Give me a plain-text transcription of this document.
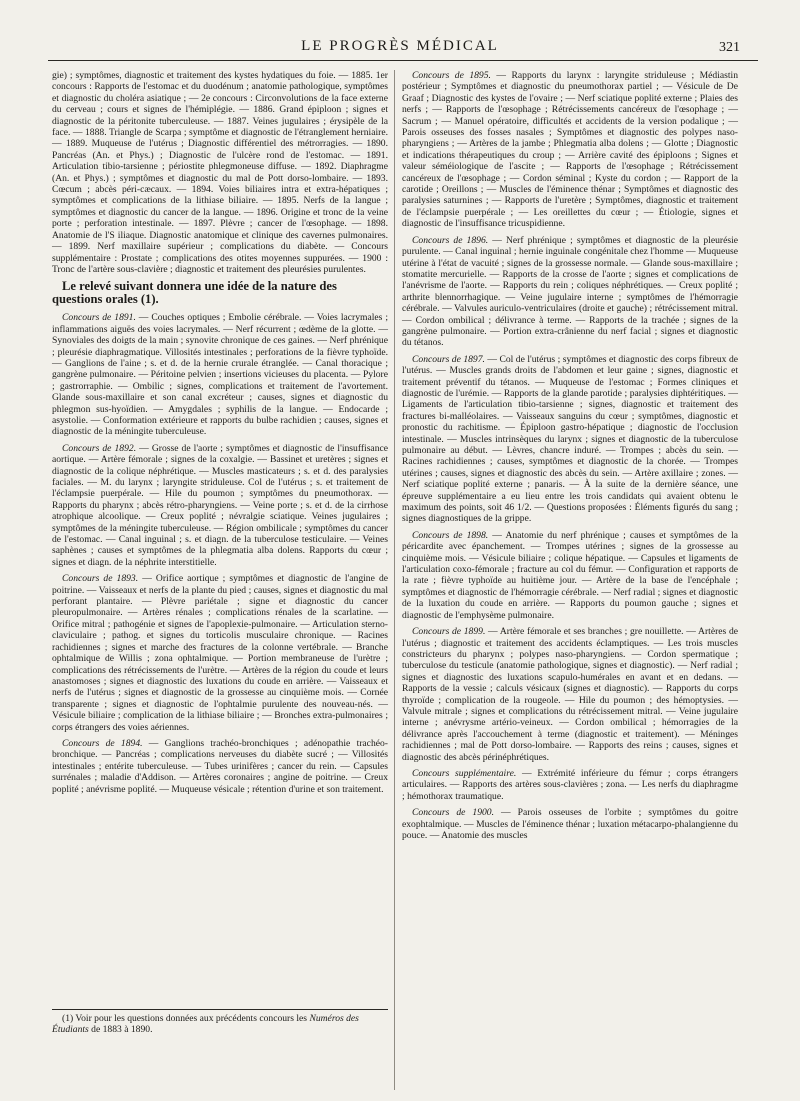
LE PROGRÈS MÉDICAL	321

gie) ; symptômes, diagnostic et traitement des kystes hydatiques du foie. — 1885. 1er concours : Rapports de l'estomac et du duodénum ; anatomie pathologique, symptômes et diagnostic du choléra asiatique ; — 2e concours : Circonvolutions de la face externe du cerveau ; cours et signes de l'hémiplégie. — 1886. Grand épiploon ; signes et diagnostic de la péritonite tuberculeuse. — 1887. Veines jugulaires ; érysipèle de la face. — 1888. Triangle de Scarpa ; symptôme et diagnostic de l'étranglement herniaire. — 1889. Muqueuse de l'utérus ; Diagnostic différentiel des métrorragies. — 1890. Pancréas (An. et Phys.) ; Diagnostic de l'ulcère rond de l'estomac. — 1891. Articulation tibio-tarsienne ; périostite phlegmoneuse diffuse. — 1892. Diaphragme (An. et Phys.) ; symptômes et diagnostic du mal de Pott dorso-lombaire. — 1893. Cœcum ; abcès péri-cæcaux. — 1894. Voies biliaires intra et extra-hépatiques ; symptômes et complications de la lithiase biliaire. — 1895. Nerfs de la langue ; symptômes et diagnostic du cancer de la langue. — 1896. Origine et tronc de la veine porte ; perforation intestinale. — 1897. Plèvre ; cancer de l'œsophage. — 1898. Anatomie de l'S iliaque. Diagnostic anatomique et clinique des cavernes pulmonaires. — 1899. Nerf maxillaire supérieur ; complications du diabète. — Concours supplémentaire : Prostate ; complications des otites moyennes suppurées. — 1900 : Tronc de l'artère sous-clavière ; diagnostic et traitement des pleurésies purulentes.

Le relevé suivant donnera une idée de la nature des questions orales (1).

Concours de 1891. — Couches optiques ; Embolie cérébrale. — Voies lacrymales ; inflammations aiguës des voies lacrymales. — Nerf récurrent ; œdème de la glotte. — Synoviales des doigts de la main ; synovite chronique de ces gaines. — Nerf phrénique ; pleurésie diaphragmatique. Villosités intestinales ; perforations de la fièvre typhoïde. — Ganglions de l'aine ; s. et d. de la hernie crurale étranglée. — Canal thoracique ; gangrène pulmonaire. — Péritoine pelvien ; insertions vicieuses du placenta. — Pylore ; gastrorraphie. — Ombilic ; signes, complications et traitement de l'avortement. Glande sous-maxillaire et son canal excréteur ; causes, signes et diagnostic du phlegmon sus-hyoïdien. — Amygdales ; syphilis de la langue. — Endocarde ; asystolie. — Conformation extérieure et rapports du bulbe rachidien ; causes, signes et diagnostic de la méningite tuberculeuse.

Concours de 1892. — Grosse de l'aorte ; symptômes et diagnostic de l'insuffisance aortique. — Artère fémorale ; signes de la coxalgie. — Bassinet et uretères ; signes et diagnostic de la colique néphrétique. — Muscles masticateurs ; s. et d. des paralysies faciales. — M. du larynx ; laryngite striduleuse. Col de l'utérus ; s. et traitement de l'éclampsie puerpérale. — Hile du poumon ; symptômes du pneumothorax. — Rapports du pharynx ; abcès rétro-pharyngiens. — Veine porte ; s. et d. de la cirrhose atrophique alcoolique. — Creux poplité ; névralgie sciatique. Veines jugulaires ; symptômes de la méningite tuberculeuse. — Région ombilicale ; symptômes du cancer de l'estomac. — Canal inguinal ; s. et diagn. de la tuberculose testiculaire. — Veines saphènes ; causes et symptômes de la phlegmatia alba dolens. Rapports du cœur ; signes et diagn. de la néphrite interstitielle.

Concours de 1893. — Orifice aortique ; symptômes et diagnostic de l'angine de poitrine. — Vaisseaux et nerfs de la plante du pied ; causes, signes et diagnostic du mal perforant plantaire. — Plèvre pariétale ; signe et diagnostic du cancer pleuropulmonaire. — Artères rénales ; complications rénales de la scarlatine. — Orifice mitral ; pathogénie et signes de l'apoplexie-pulmonaire. — Articulation sterno-claviculaire ; pathog. et signes du torticolis musculaire chronique. — Racines rachidiennes ; signes et marche des fractures de la colonne vertébrale. — Branche ophtalmique de Willis ; zona ophtalmique. — Portion membraneuse de l'urètre ; complications des rétrécissements de l'urètre. — Artères de la région du coude et leurs anastomoses ; signes et diagnostic des luxations du coude en arrière. — Vaisseaux et nerfs de l'utérus ; signes et diagnostic de la grossesse au cinquième mois. — Cornée transparente ; signes et diagnostic de l'ophtalmie purulente des nouveau-nés. — Vésicule biliaire ; complication de la lithiase biliaire ; — Bronches extra-pulmonaires ; corps étrangers des voies aériennes.

Concours de 1894. — Ganglions trachéo-bronchiques ; adénopathie trachéo-bronchique. — Pancréas ; complications nerveuses du diabète sucré ; — Villosités intestinales ; entérite tuberculeuse. — Tubes urinifères ; cancer du rein. — Capsules surrénales ; maladie d'Addison. — Artères coronaires ; angine de poitrine. — Creux poplité ; anévrisme poplité. — Muqueuse vésicale ; rétention d'urine et son traitement.

(1) Voir pour les questions données aux précédents concours les Numéros des Étudiants de 1883 à 1890.

Concours de 1895. — Rapports du larynx : laryngite striduleuse ; Médiastin postérieur ; Symptômes et diagnostic du pneumothorax partiel ; — Vésicule de De Graaf ; Diagnostic des kystes de l'ovaire ; — Nerf sciatique poplité externe ; Plaies des nerfs ; — Rapports de l'œsophage ; Rétrécissements cancéreux de l'œsophage ; — Sacrum ; — Manuel opératoire, difficultés et accidents de la version podalique ; — Parois osseuses des fosses nasales ; Symptômes et diagnostic des polypes naso-pharyngiens ; — Artères de la jambe ; Phlegmatia alba dolens ; — Glotte ; Diagnostic et indications thérapeutiques du croup ; — Arrière cavité des épiploons ; Signes et valeur séméiologique de l'ascite ; — Rapports de l'œsophage ; Rétrécissement cancéreux de l'œsophage ; — Cordon séminal ; Kyste du cordon ; — Rapport de la carotide ; Oreillons ; — Muscles de l'éminence thénar ; Symptômes et diagnostic des paralysies saturnines ; — Rapports de l'uretère ; Symptômes, diagnostic et traitement de l'éclampsie puerpérale ; — Les oreillettes du cœur ; — Étiologie, signes et diagnostic de l'insuffisance tricuspidienne.

Concours de 1896. — Nerf phrénique ; symptômes et diagnostic de la pleurésie purulente. — Canal inguinal ; hernie inguinale congénitale chez l'homme — Muqueuse utérine à l'état de vacuité ; signes de la grossesse normale. — Glande sous-maxillaire ; stomatite mercurielle. — Rapports de la crosse de l'aorte ; signes et complications de l'anévrisme de l'aorte. — Rapports du rein ; coliques néphrétiques. — Creux poplité ; arthrite blennorrhagique. — Veine jugulaire interne ; symptômes de l'hémorragie cérébrale. — Valvules auriculo-ventriculaires (droite et gauche) ; rétrécissement mitral. — Cordon ombilical ; délivrance à terme. — Rapports de la trachée ; signes de la gangrène pulmonaire. — Portion extra-crânienne du nerf facial ; signes et diagnostic du tétanos.

Concours de 1897. — Col de l'utérus ; symptômes et diagnostic des corps fibreux de l'utérus. — Muscles grands droits de l'abdomen et leur gaine ; signes, diagnostic et traitement préventif du tétanos. — Muqueuse de l'estomac ; Formes cliniques et diagnostic de l'urémie. — Rapports de la glande parotide ; paralysies diphtéritiques. — Ligaments de l'articulation tibio-tarsienne ; signes, diagnostic et traitement des fractures bi-malléolaires. — Vaisseaux sanguins du cœur ; symptômes, diagnostic et pronostic du rachitisme. — Épiploon gastro-hépatique ; diagnostic de l'occlusion intestinale. — Muscles intrinsèques du larynx ; signes et diagnostic de la tuberculose pulmonaire au début. — Lèvres, chancre induré. — Trompes ; abcès du sein. — Racines rachidiennes ; causes, symptômes et diagnostic de la chorée. — Trompes utérines ; causes, signes et diagnostic des abcès du sein. — Artère axillaire ; zones. — Nerf sciatique poplité externe ; panaris. — À la suite de la dernière séance, une épreuve supplémentaire a eu lieu entre les trois candidats qui avaient obtenu le maximum des points, soit 46 1/2. — Questions proposées : Éléments figurés du sang ; signes diagnostiques de la grippe.

Concours de 1898. — Anatomie du nerf phrénique ; causes et symptômes de la péricardite avec épanchement. — Trompes utérines ; signes de la grossesse au cinquième mois. — Vésicule biliaire ; colique hépatique. — Capsules et ligaments de l'articulation coxo-fémorale ; fracture au col du fémur. — Configuration et rapports de la rate ; fièvre typhoïde au huitième jour. — Artère de la base de l'encéphale ; symptômes et diagnostic de l'hémorragie cérébrale. — Nerf radial ; signes et diagnostic de la luxation du coude en arrière. — Rapports du poumon gauche ; signes et diagnostic de l'emphysème pulmonaire.

Concours de 1899. — Artère fémorale et ses branches ; gre nouillette. — Artères de l'utérus ; diagnostic et traitement des accidents éclamptiques. — Les trois muscles constricteurs du pharynx ; polypes naso-pharyngiens. — Cordon spermatique ; tuberculose du testicule (anatomie pathologique, signes et diagnostic). — Nerf radial ; signes et diagnostic des luxations scapulo-humérales en avant et en dedans. — Rapports de la vessie ; calculs vésicaux (signes et diagnostic). — Rapports du corps thyroïde ; complication de la rougeole. — Hile du poumon ; des hémoptysies. — Valvule mitrale ; signes et complications du rétrécissement mitral. — Veine jugulaire interne ; anévrysme artério-veineux. — Cordon ombilical ; hémorragies de la délivrance après l'accouchement à terme (diagnostic et traitement). — Méninges rachidiennes ; mal de Pott dorso-lombaire. — Rapports des reins ; causes, signes et diagnostic des abcès périnéphrétiques.

Concours supplémentaire. — Extrémité inférieure du fémur ; corps étrangers articulaires. — Rapports des artères sous-clavières ; zona. — Les nerfs du diaphragme ; hémothorax traumatique.

Concours de 1900. — Parois osseuses de l'orbite ; symptômes du goitre exophtalmique. — Muscles de l'éminence thénar ; luxation métacarpo-phalangienne du pouce. — Anatomie des muscles
